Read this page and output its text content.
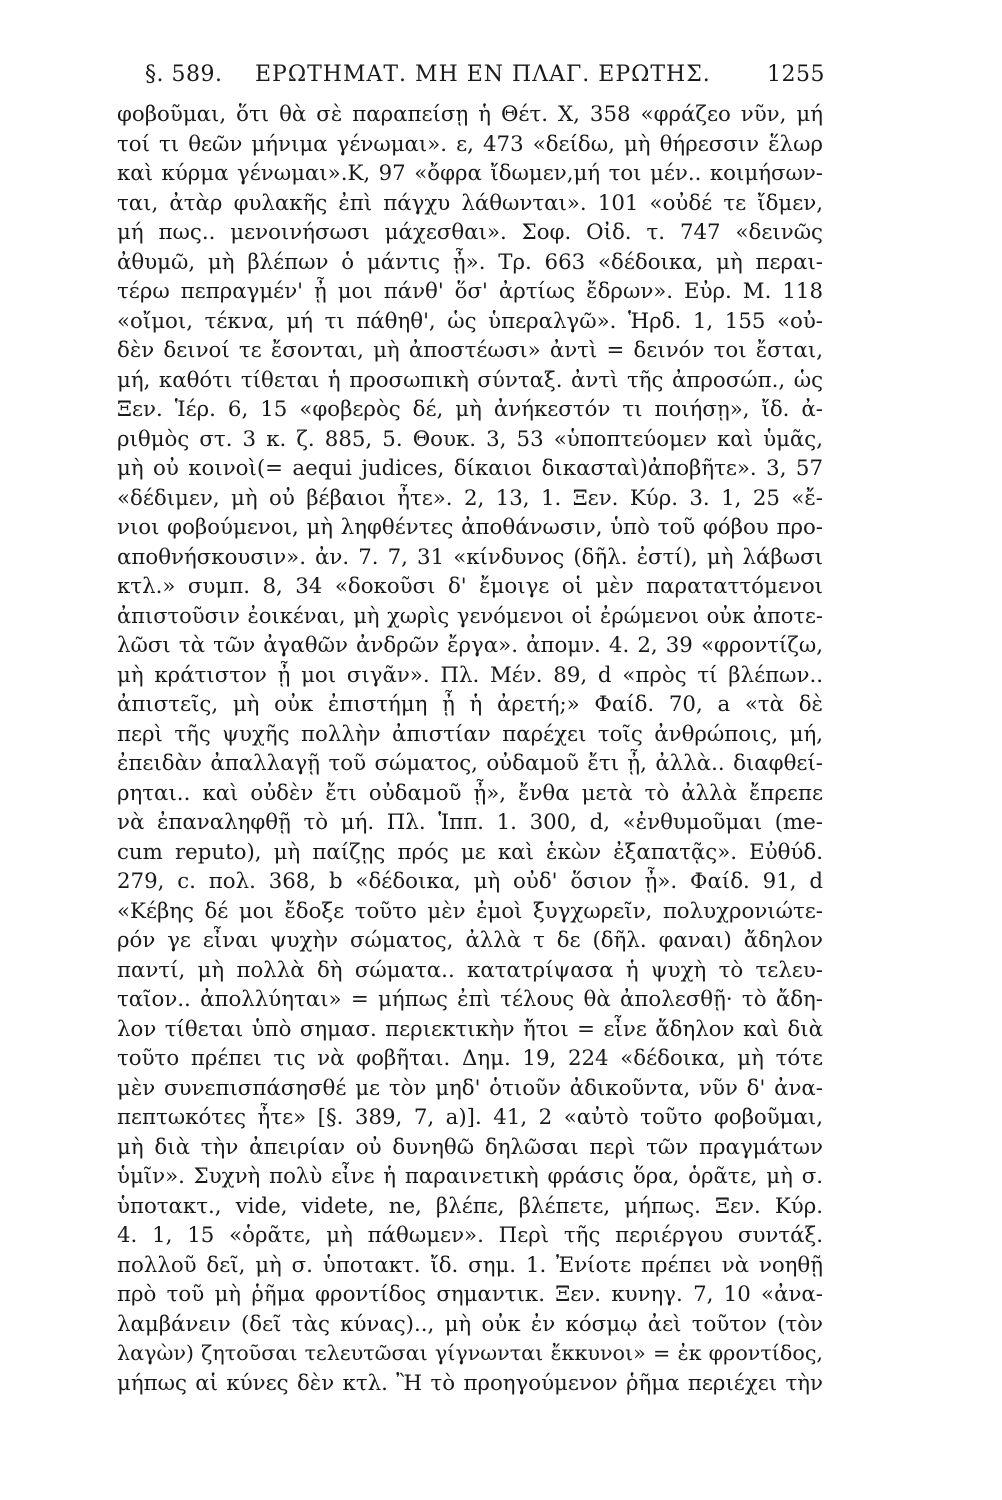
§. 589. ΕΡΩΤΗΜΑΤ. ΜΗ ΕΝ ΠΛΑΓ. ΕΡΩΤΗΣ.	1255
φοβοῦμαι, ὅτι θὰ σὲ παραπείσῃ ἡ Θέτ. X, 358 «φράζεο νῦν, μή
τοί τι θεῶν μήνιμα γένωμαι». ε, 473 «δείδω, μὴ θήρεσσιν ἕλωρ
καὶ κύρμα γένωμαι».Κ, 97 «ὄφρα ἴδωμεν,μή τοι μέν.. κοιμήσων-
ται, ἀτὰρ φυλακῆς ἐπὶ πάγχυ λάθωνται». 101 «οὐδέ τε ἴδμεν,
μή πως.. μενοινήσωσι μάχεσθαι». Σοφ. Οἰδ. τ. 747 «δεινῶς
ἀθυμῶ, μὴ βλέπων ὁ μάντις ᾖ». Τρ. 663 «δέδοικα, μὴ περαι-
τέρω πεπραγμέν' ᾖ μοι πάνθ' ὅσ' ἀρτίως ἔδρων». Εὐρ. Μ. 118
«οἴμοι, τέκνα, μή τι πάθηθ', ὡς ὑπεραλγῶ». Ἡρδ. 1, 155 «οὐ-
δὲν δεινοί τε ἔσονται, μὴ ἀποστέωσι» ἀντὶ = δεινόν τοι ἔσται,
μή, καθότι τίθεται ἡ προσωπικὴ σύνταξ. ἀντὶ τῆς ἀπροσώπ., ὡς
Ξεν. Ἱέρ. 6, 15 «φοβερὸς δέ, μὴ ἀνήκεστόν τι ποιήσῃ», ἴδ. ἀ-
ριθμὸς στ. 3 κ. ζ. 885, 5. Θουκ. 3, 53 «ὑποπτεύομεν καὶ ὑμᾶς,
μὴ οὐ κοινοὶ(= aequi judices, δίκαιοι δικασταὶ)ἀποβῆτε». 3, 57
«δέδιμεν, μὴ οὐ βέβαιοι ἦτε». 2, 13, 1. Ξεν. Κύρ. 3. 1, 25 «ἔ-
νιοι φοβούμενοι, μὴ ληφθέντες ἀποθάνωσιν, ὑπὸ τοῦ φόβου προ-
αποθνήσκουσιν». ἀν. 7. 7, 31 «κίνδυνος (δῆλ. ἐστί), μὴ λάβωσι
κτλ.» συμπ. 8, 34 «δοκοῦσι δ' ἔμοιγε οἱ μὲν παραταττόμενοι
ἀπιστοῦσιν ἐοικέναι, μὴ χωρὶς γενόμενοι οἱ ἐρώμενοι οὐκ ἀποτε-
λῶσι τὰ τῶν ἀγαθῶν ἀνδρῶν ἔργα». ἀπομν. 4. 2, 39 «φροντίζω,
μὴ κράτιστον ᾖ μοι σιγᾶν». Πλ. Μέν. 89, d «πρὸς τί βλέπων..
ἀπιστεῖς, μὴ οὐκ ἐπιστήμη ᾖ ἡ ἀρετή;» Φαίδ. 70, a «τὰ δὲ
περὶ τῆς ψυχῆς πολλὴν ἀπιστίαν παρέχει τοῖς ἀνθρώποις, μή,
ἐπειδὰν ἀπαλλαγῇ τοῦ σώματος, οὐδαμοῦ ἔτι ᾖ, ἀλλὰ.. διαφθεί-
ρηται.. καὶ οὐδὲν ἔτι οὐδαμοῦ ᾖ», ἔνθα μετὰ τὸ ἀλλὰ ἔπρεπε
νὰ ἐπαναληφθῇ τὸ μή. Πλ. Ἱππ. 1. 300, d, «ἐνθυμοῦμαι (me-
cum reputo), μὴ παίζῃς πρός με καὶ ἑκὼν ἐξαπατᾷς». Εὐθύδ.
279, c. πολ. 368, b «δέδοικα, μὴ οὐδ' ὅσιον ᾖ». Φαίδ. 91, d
«Κέβης δέ μοι ἔδοξε τοῦτο μὲν ἐμοὶ ξυγχωρεῖν, πολυχρονιώτε-
ρόν γε εἶναι ψυχὴν σώματος, ἀλλὰ τ δε (δῆλ. φαναι) ἄδηλον
παντί, μὴ πολλὰ δὴ σώματα.. κατατρίψασα ἡ ψυχὴ τὸ τελευ-
ταῖον.. ἀπολλύηται» = μήπως ἐπὶ τέλους θὰ ἀπολεσθῇ· τὸ ἄδη-
λον τίθεται ὑπὸ σημασ. περιεκτικὴν ἤτοι = εἶνε ἄδηλον καὶ διὰ
τοῦτο πρέπει τις νὰ φοβῆται. Δημ. 19, 224 «δέδοικα, μὴ τότε
μὲν συνεπισπάσησθέ με τὸν μηδ' ὁτιοῦν ἀδικοῦντα, νῦν δ' ἀνα-
πεπτωκότες ἦτε» [§. 389, 7, a)]. 41, 2 «αὐτὸ τοῦτο φοβοῦμαι,
μὴ διὰ τὴν ἀπειρίαν οὐ δυνηθῶ δηλῶσαι περὶ τῶν πραγμάτων
ὑμῖν». Συχνὴ πολὺ εἶνε ἡ παραινετικὴ φράσις ὅρα, ὁρᾶτε, μὴ σ.
ὑποτακτ., vide, videte, ne, βλέπε, βλέπετε, μήπως. Ξεν. Κύρ.
4. 1, 15 «ὁρᾶτε, μὴ πάθωμεν». Περὶ τῆς περιέργου συντάξ.
πολλοῦ δεῖ, μὴ σ. ὑποτακτ. ἴδ. σημ. 1. Ἐνίοτε πρέπει νὰ νοηθῇ
πρὸ τοῦ μὴ ῥῆμα φροντίδος σημαντικ. Ξεν. κυνηγ. 7, 10 «ἀνα-
λαμβάνειν (δεῖ τὰς κύνας).., μὴ οὐκ ἐν κόσμῳ ἀεὶ τοῦτον (τὸν
λαγὼν) ζητοῦσαι τελευτῶσαι γίγνωνται ἔκκυνοι» = ἐκ φροντίδος,
μήπως αἱ κύνες δὲν κτλ. Ἢ τὸ προηγούμενον ῥῆμα περιέχει τὴν
